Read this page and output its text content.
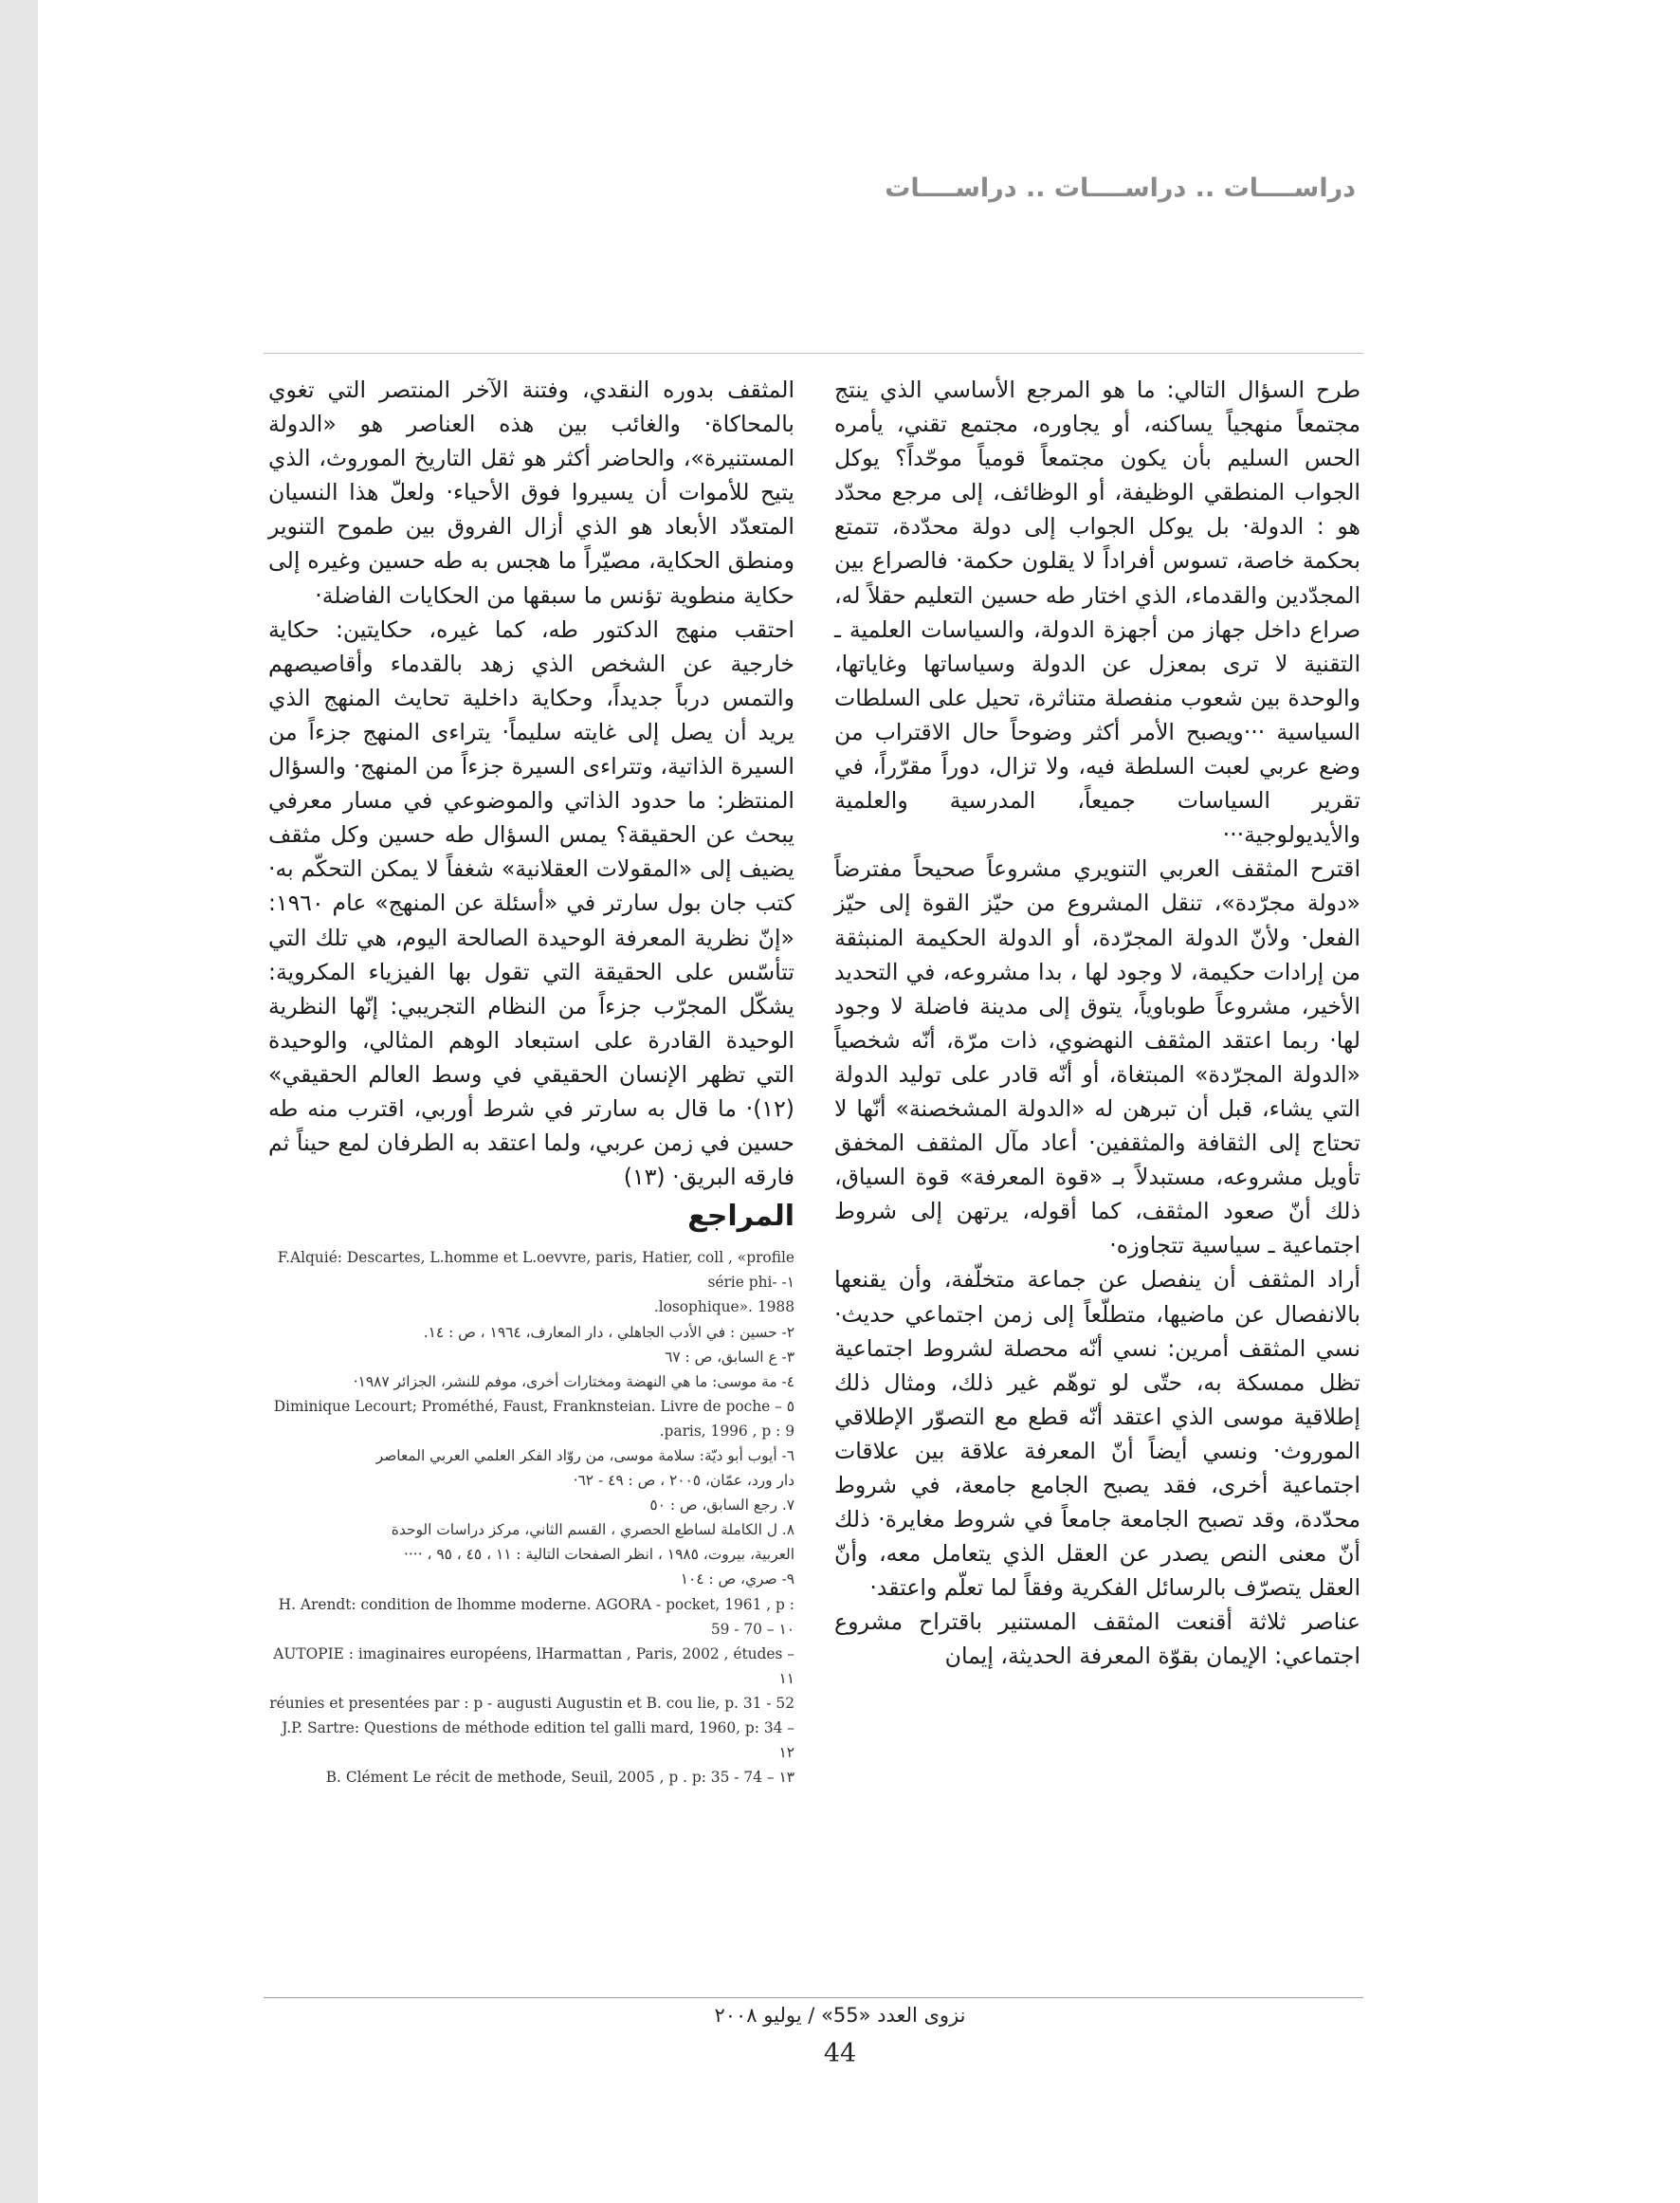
دراســــات .. دراســــات .. دراســــات

طرح السؤال التالي: ما هو المرجع الأساسي الذي ينتج مجتمعاً منهجياً يساكنه، أو يجاوره، مجتمع تقني، يأمره الحس السليم بأن يكون مجتمعاً قومياً موحّداً؟ يوكل الجواب المنطقي الوظيفة، أو الوظائف، إلى مرجع محدّد هو : الدولة· بل يوكل الجواب إلى دولة محدّدة، تتمتع بحكمة خاصة، تسوس أفراداً لا يقلون حكمة· فالصراع بين المجدّدين والقدماء، الذي اختار طه حسين التعليم حقلاً له، صراع داخل جهاز من أجهزة الدولة، والسياسات العلمية ـ التقنية لا ترى بمعزل عن الدولة وسياساتها وغاياتها، والوحدة بين شعوب منفصلة متناثرة، تحيل على السلطات السياسية ···ويصبح الأمر أكثر وضوحاً حال الاقتراب من وضع عربي لعبت السلطة فيه، ولا تزال، دوراً مقرّراً، في تقرير السياسات جميعاً، المدرسية والعلمية والأيديولوجية···

اقترح المثقف العربي التنويري مشروعاً صحيحاً مفترضاً «دولة مجرّدة»، تنقل المشروع من حيّز القوة إلى حيّز الفعل· ولأنّ الدولة المجرّدة، أو الدولة الحكيمة المنبثقة من إرادات حكيمة، لا وجود لها ، بدا مشروعه، في التحديد الأخير، مشروعاً طوباوياً، يتوق إلى مدينة فاضلة لا وجود لها· ربما اعتقد المثقف النهضوي، ذات مرّة، أنّه شخصياً «الدولة المجرّدة» المبتغاة، أو أنّه قادر على توليد الدولة التي يشاء، قبل أن تبرهن له «الدولة المشخصنة» أنّها لا تحتاج إلى الثقافة والمثقفين· أعاد مآل المثقف المخفق تأويل مشروعه، مستبدلاً بـ «قوة المعرفة» قوة السياق، ذلك أنّ صعود المثقف، كما أقوله، يرتهن إلى شروط اجتماعية ـ سياسية تتجاوزه·

أراد المثقف أن ينفصل عن جماعة متخلّفة، وأن يقنعها بالانفصال عن ماضيها، متطلّعاً إلى زمن اجتماعي حديث· نسي المثقف أمرين: نسي أنّه محصلة لشروط اجتماعية تظل ممسكة به، حتّى لو توهّم غير ذلك، ومثال ذلك إطلاقية موسى الذي اعتقد أنّه قطع مع التصوّر الإطلاقي الموروث· ونسي أيضاً أنّ المعرفة علاقة بين علاقات اجتماعية أخرى، فقد يصبح الجامع جامعة، في شروط محدّدة، وقد تصبح الجامعة جامعاً في شروط مغايرة· ذلك أنّ معنى النص يصدر عن العقل الذي يتعامل معه، وأنّ العقل يتصرّف بالرسائل الفكرية وفقاً لما تعلّم واعتقد·

عناصر ثلاثة أقنعت المثقف المستنير باقتراح مشروع اجتماعي: الإيمان بقوّة المعرفة الحديثة، إيمان

المثقف بدوره النقدي، وفتنة الآخر المنتصر التي تغوي بالمحاكاة· والغائب بين هذه العناصر هو «الدولة المستنيرة»، والحاضر أكثر هو ثقل التاريخ الموروث، الذي يتيح للأموات أن يسيروا فوق الأحياء· ولعلّ هذا النسيان المتعدّد الأبعاد هو الذي أزال الفروق بين طموح التنوير ومنطق الحكاية، مصيّراً ما هجس به طه حسين وغيره إلى حكاية منطوية تؤنس ما سبقها من الحكايات الفاضلة·

احتقب منهج الدكتور طه، كما غيره، حكايتين: حكاية خارجية عن الشخص الذي زهد بالقدماء وأقاصيصهم والتمس درباً جديداً، وحكاية داخلية تحايث المنهج الذي يريد أن يصل إلى غايته سليماً· يتراءى المنهج جزءاً من السيرة الذاتية، وتتراءى السيرة جزءاً من المنهج· والسؤال المنتظر: ما حدود الذاتي والموضوعي في مسار معرفي يبحث عن الحقيقة؟ يمس السؤال طه حسين وكل مثقف يضيف إلى «المقولات العقلانية» شغفاً لا يمكن التحكّم به· كتب جان بول سارتر في «أسئلة عن المنهج» عام ١٩٦٠: «إنّ نظرية المعرفة الوحيدة الصالحة اليوم، هي تلك التي تتأسّس على الحقيقة التي تقول بها الفيزياء المكروية: يشكّل المجرّب جزءاً من النظام التجريبي: إنّها النظرية الوحيدة القادرة على استبعاد الوهم المثالي، والوحيدة التي تظهر الإنسان الحقيقي في وسط العالم الحقيقي» (١٢)· ما قال به سارتر في شرط أوربي، اقترب منه طه حسين في زمن عربي، ولما اعتقد به الطرفان لمع حيناً ثم فارقه البريق· (١٣)

المراجع
F.Alquié: Descartes, L.homme et L.oevvre, paris, Hatier, coll , «profile série phi- -١
.losophique». 1988
٢- حسين : في الأدب الجاهلي ، دار المعارف، ١٩٦٤ ، ص : ١٤.
٣- ع السابق، ص : ٦٧
٤- مة موسى: ما هي النهضة ومختارات أخرى، موفم للنشر، الجزائر ١٩٨٧·
Diminique Lecourt; Prométhé, Faust, Franknsteian. Livre de poche – ٥
.paris, 1996 , p : 9
٦- أيوب أبو ديّة: سلامة موسى، من روّاد الفكر العلمي العربي المعاصر
دار ورد، عمّان، ٢٠٠٥ ، ص : ٤٩ - ٦٢·
٧. رجع السابق، ص : ٥٠
٨. ل الكاملة لساطع الحصري ، القسم الثاني، مركز دراسات الوحدة
العربية، بيروت، ١٩٨٥ ، انظر الصفحات التالية : ١١ ، ٤٥ ، ٩٥ ، ····
٩- صري، ص : ١٠٤
H. Arendt: condition de lhomme moderne. AGORA - pocket, 1961 , p : 59 - 70 – ١٠
AUTOPIE : imaginaires européens, lHarmattan , Paris, 2002 , études – ١١
réunies et presentées par : p - augusti Augustin et B. cou lie, p. 31 - 52
J.P. Sartre: Questions de méthode edition tel galli mard, 1960, p: 34 – ١٢
B. Clément Le récit de methode, Seuil, 2005 , p . p: 35 - 74 – ١٣
نزوى العدد «55» / يوليو ٢٠٠٨
44
